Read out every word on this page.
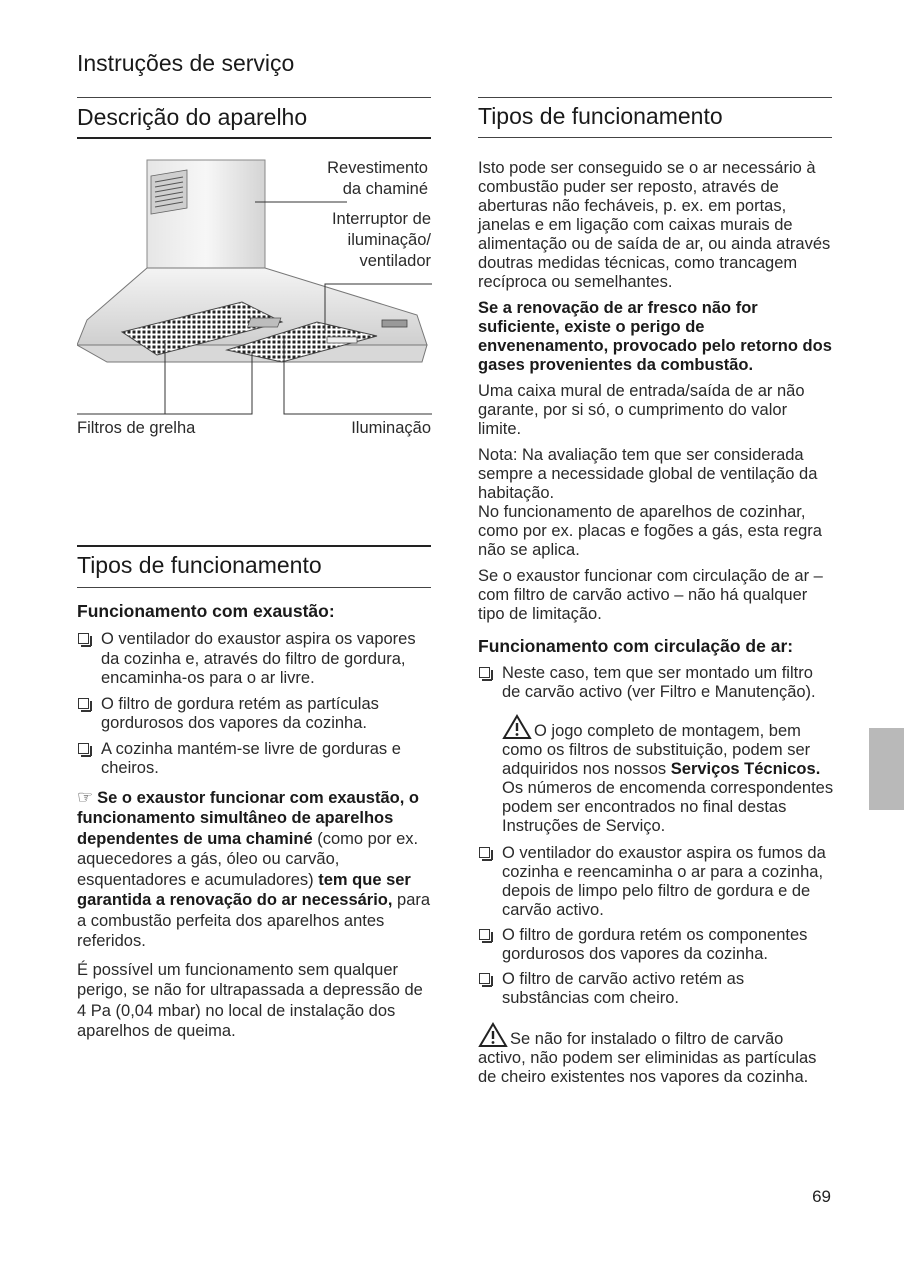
Instruções de serviço
Descrição do aparelho
Revestimento
da chaminé
Interruptor de
iluminação/
ventilador
Filtros de grelha	Iluminação
Tipos de funcionamento
Funcionamento com exaustão:
O ventilador do exaustor aspira os vapores da cozinha e, através do filtro de gordura, encaminha-os para o ar livre.
O filtro de gordura retém as partículas gordurosos dos vapores da cozinha.
A cozinha mantém-se livre de gorduras e cheiros.
☞ Se o exaustor funcionar com exaustão, o funcionamento simultâneo de aparelhos dependentes de uma chaminé (como por ex. aquecedores a gás, óleo ou carvão, esquentadores e acumuladores) tem que ser garantida a renovação do ar necessário, para a combustão perfeita dos aparelhos antes referidos.
É possível um funcionamento sem qualquer perigo, se não for ultrapassada a depressão de 4 Pa (0,04 mbar) no local de instalação dos aparelhos de queima.
Tipos de funcionamento

Isto pode ser conseguido se o ar necessário à combustão puder ser reposto, através de aberturas não fecháveis, p. ex. em portas, janelas e em ligação com caixas murais de alimentação ou de saída de ar, ou ainda através doutras medidas técnicas, como trancagem recíproca ou semelhantes.

Se a renovação de ar fresco não for suficiente, existe o perigo de envenenamento, provocado pelo retorno dos gases provenientes da combustão.

Uma caixa mural de entrada/saída de ar não garante, por si só, o cumprimento do valor limite.

Nota: Na avaliação tem que ser considerada sempre a necessidade global de ventilação da habitação.

No funcionamento de aparelhos de cozinhar, como por ex. placas e fogões a gás, esta regra não se aplica.

Se o exaustor funcionar com circulação de ar – com filtro de carvão activo – não há qualquer tipo de limitação.

Funcionamento com circulação de ar:
Neste caso, tem que ser montado um filtro de carvão activo (ver Filtro e Manutenção).
O jogo completo de montagem, bem como os filtros de substituição, podem ser adquiridos nos nossos Serviços Técnicos.
Os números de encomenda correspondentes podem ser encontrados no final destas Instruções de Serviço.
O ventilador do exaustor aspira os fumos da cozinha e reencaminha o ar para a cozinha, depois de limpo pelo filtro de gordura e de carvão activo.
O filtro de gordura retém os componentes gordurosos dos vapores da cozinha.
O filtro de carvão activo retém as substâncias com cheiro.
Se não for instalado o filtro de carvão activo, não podem ser eliminidas as partículas de cheiro existentes nos vapores da cozinha.
69
